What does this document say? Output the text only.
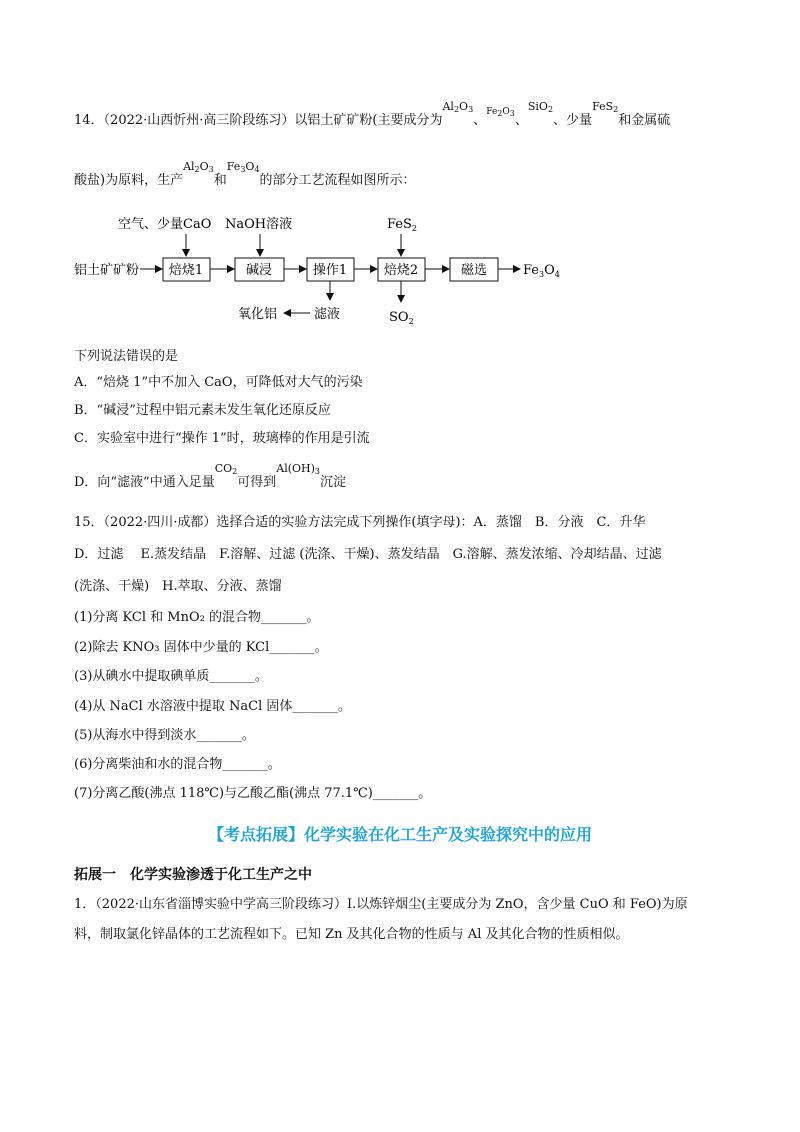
14．（2022·山西忻州·高三阶段练习）以铝土矿矿粉(主要成分为$Al_2O_3$、$Fe_2O_3$、SiO$_2$、少量FeS$_2$和金属硫
酸盐)为原料，生产$Al_2O_3$和$Fe_3O_4$的部分工艺流程如图所示：
空气、少量CaO NaOH溶液	FeS$_2$
铝土矿矿粉 焙烧1	碱浸	操作1	焙烧2	磁选	$Fe_3O_4$
滤液
氧化铝	$SO_2$
下列说法错误的是
A．“焙烧 1”中不加入 CaO，可降低对大气的污染
B．“碱浸”过程中铝元素未发生氧化还原反应
C．实验室中进行“操作 1”时，玻璃棒的作用是引流
D．向“滤液”中通入足量$CO_2$可得到$Al(OH)_3$沉淀
15．（2022·四川·成都）选择合适的实验方法完成下列操作(填字母)：A．蒸馏　B．分液　C．升华
D．过滤　 E.蒸发结晶　F.溶解、过滤 (洗涤、干燥)、蒸发结晶　G.溶解、蒸发浓缩、冷却结晶、过滤
(洗涤、干燥)　H.萃取、分液、蒸馏
(1)分离 KCl 和 MnO₂ 的混合物_______。
(2)除去 KNO₃ 固体中少量的 KCl_______。
(3)从碘水中提取碘单质_______。
(4)从 NaCl 水溶液中提取 NaCl 固体_______。
(5)从海水中得到淡水_______。
(6)分离柴油和水的混合物_______。
(7)分离乙酸(沸点 118℃)与乙酸乙酯(沸点 77.1℃)_______。
【考点拓展】化学实验在化工生产及实验探究中的应用
拓展一　化学实验渗透于化工生产之中
1．（2022·山东省淄博实验中学高三阶段练习）Ⅰ.以炼锌烟尘(主要成分为 ZnO，含少量 CuO 和 FeO)为原
料，制取氯化锌晶体的工艺流程如下。已知 Zn 及其化合物的性质与 Al 及其化合物的性质相似。
